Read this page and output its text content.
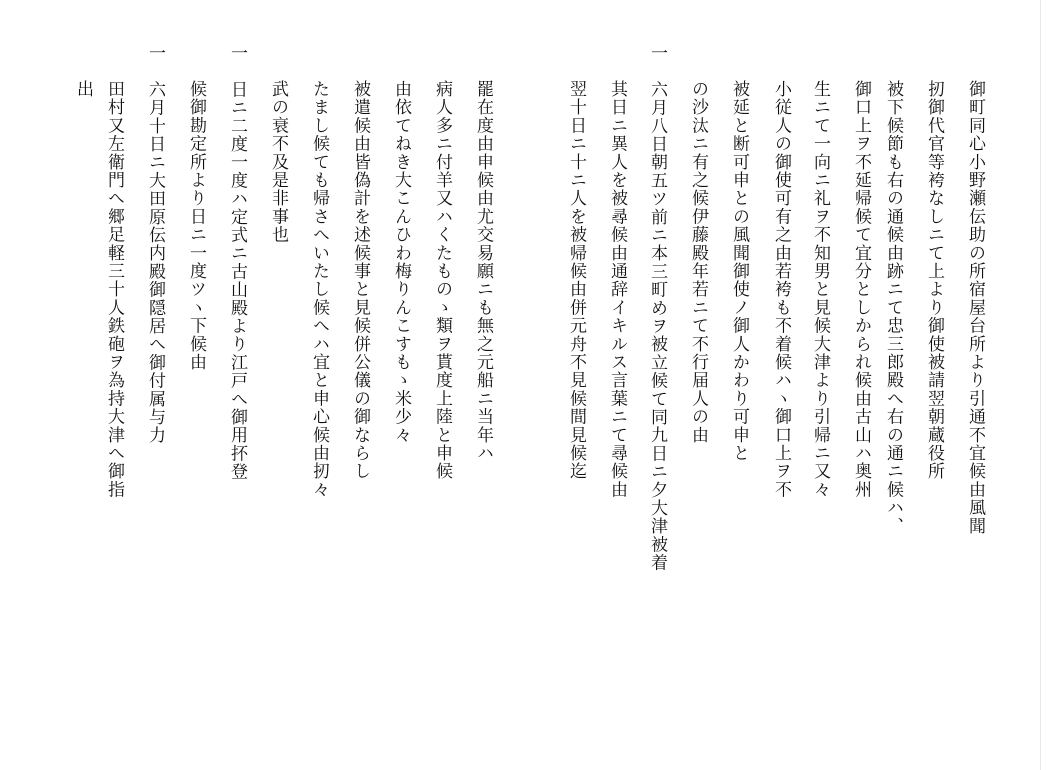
御町同心小野瀬伝助の所宿屋台所より引通不宜候由風聞
扨御代官等袴なしニて上より御使被請翌朝蔵役所
被下候節も右の通候由跡ニて忠三郎殿へ右の通ニ候ハ、
御口上ヲ不延帰候て宜分としかられ候由古山ハ奥州
生ニて一向ニ礼ヲ不知男と見候大津より引帰ニ又々
小従人の御使可有之由若袴も不着候ハヽ御口上ヲ不
被延と断可申との風聞御使ノ御人かわり可申と
の沙汰ニ有之候伊藤殿年若ニて不行届人の由
一　六月八日朝五ツ前ニ本三町めヲ被立候て同九日ニ夕大津被着
其日ニ異人を被尋候由通辞イキルス言葉ニて尋候由
翌十日ニ十ニ人を被帰候由併元舟不見候間見候迄
罷在度由申候由尤交易願ニも無之元船ニ当年ハ
病人多ニ付羊又ハくたものゝ類ヲ貰度上陸と申候
由依てねき大こんひわ梅りんこすもゝ米少々
被遣候由皆偽計を述候事と見候併公儀の御ならし
たまし候ても帰さへいたし候へハ宜と申心候由扨々
武の衰不及是非事也
一　日ニ二度一度ハ定式ニ古山殿より江戸へ御用抔登
候御勘定所より日ニ一度ツヽ下候由
一　六月十日ニ大田原伝内殿御隠居へ御付属与力
田村又左衛門へ郷足軽三十人鉄砲ヲ為持大津へ御指
出
